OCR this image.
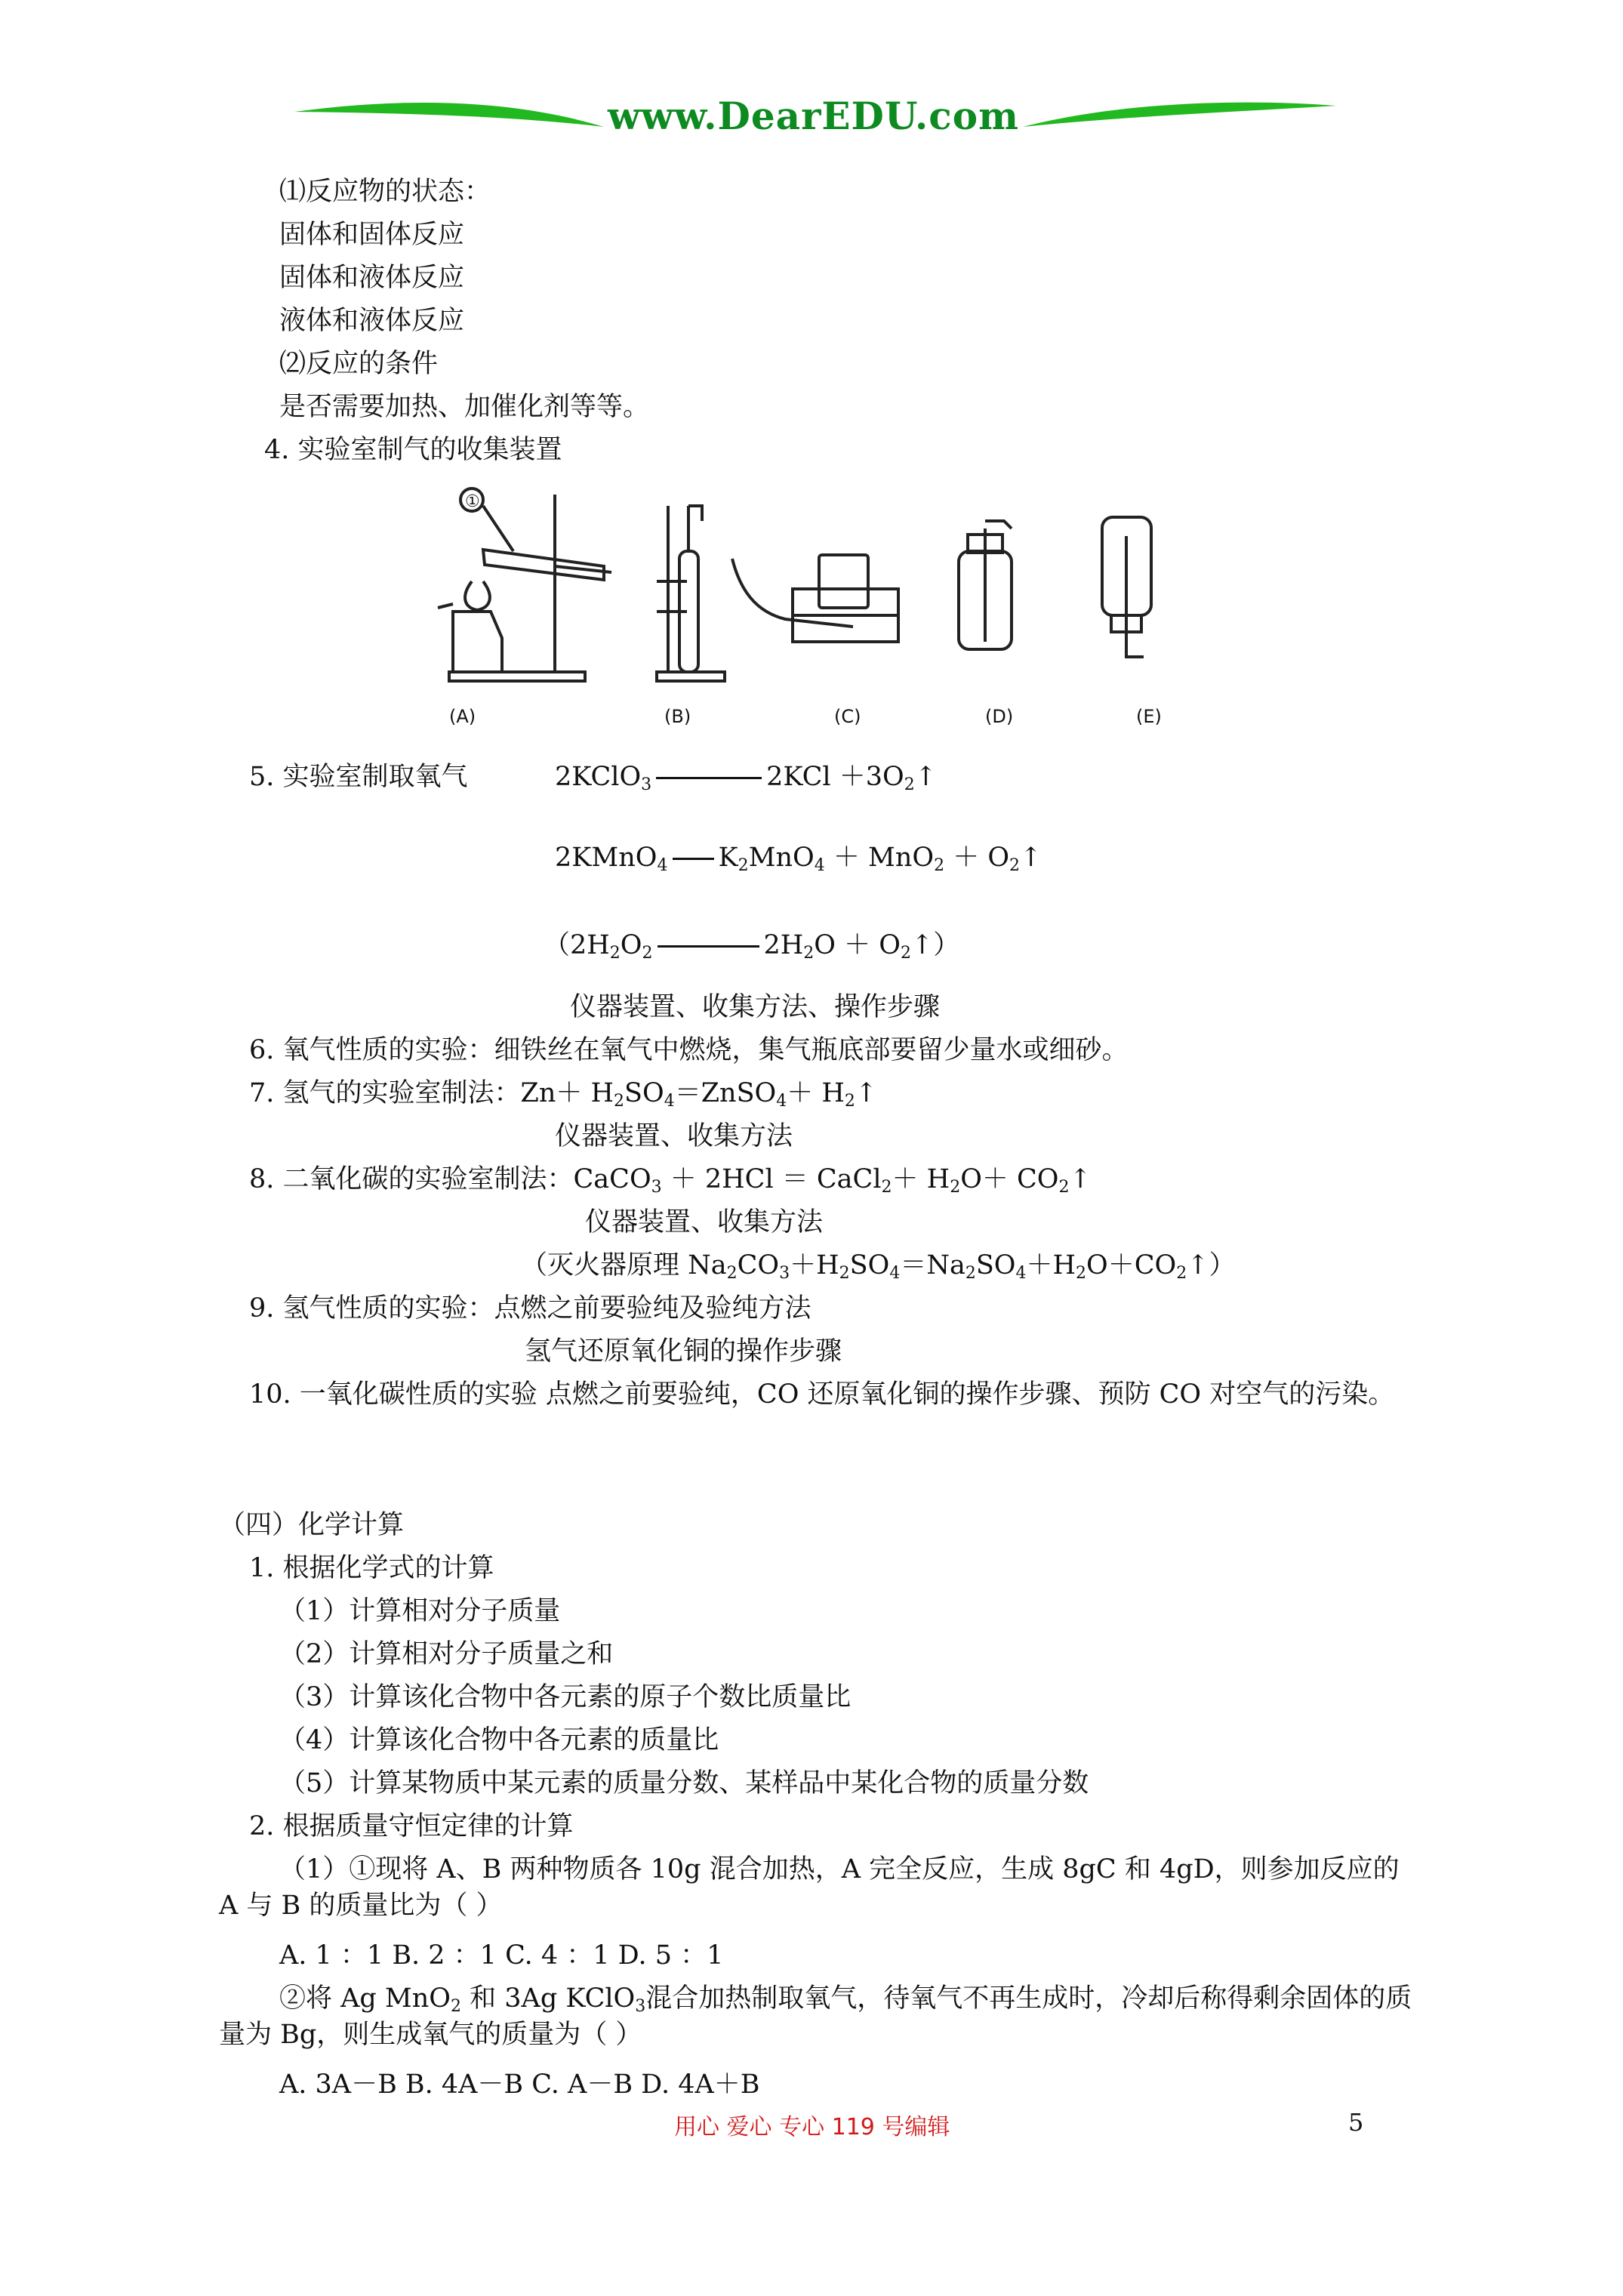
www.DearEDU.com
⑴反应物的状态：
固体和固体反应
固体和液体反应
液体和液体反应
⑵反应的条件
是否需要加热、加催化剂等等。
4. 实验室制气的收集装置
①
(A)	(B)	(C)	(D)	(E)
5. 实验室制取氧气	2KClO$_3$	$2KCl +3O_2↑$
2KMnO$_4$ $K_2MnO_4 + MnO_2$ ＋ $O_2↑$
（$2H_2O_2$	$2H_2O$ ＋ $O_2↑$）
仪器装置、收集方法、操作步骤
6. 氧气性质的实验：细铁丝在氧气中燃烧，集气瓶底部要留少量水或细砂。
7. 氢气的实验室制法：$Zn+ H_2SO_4=ZnSO_4+$ $H_2↑$
仪器装置、收集方法
8. 二氧化碳的实验室制法：CaCO$_3$ ＋ 2HCl ＝ CaCl$_2$＋ $H_2O+$ $CO_2↑$
仪器装置、收集方法
（灭火器原理 $Na_2CO_3+H_2SO_4=Na_2SO_4+H_2O+CO_2↑$）
9. 氢气性质的实验：点燃之前要验纯及验纯方法
氢气还原氧化铜的操作步骤
10. 一氧化碳性质的实验 点燃之前要验纯，CO 还原氧化铜的操作步骤、预防 CO 对空气的污染。
（四）化学计算
1. 根据化学式的计算
（1）计算相对分子质量
（2）计算相对分子质量之和
（3）计算该化合物中各元素的原子个数比质量比
（4）计算该化合物中各元素的质量比
（5）计算某物质中某元素的质量分数、某样品中某化合物的质量分数
2. 根据质量守恒定律的计算
（1）①现将 A、B 两种物质各 10g 混合加热，A 完全反应，生成 8gC 和 4gD，则参加反应的 A 与 B 的质量比为（ ）
A. 1 ：1 B. 2 ：1 C. 4 ：1 D. 5 ：1
②将 Ag MnO$_2$ 和 3Ag KClO$_3$混合加热制取氧气，待氧气不再生成时，冷却后称得剩余固体的质量为 Bg，则生成氧气的质量为（ ）
A. 3A－B B. 4A－B C. A－B D. 4A＋B
用心 爱心 专心 119 号编辑	5
